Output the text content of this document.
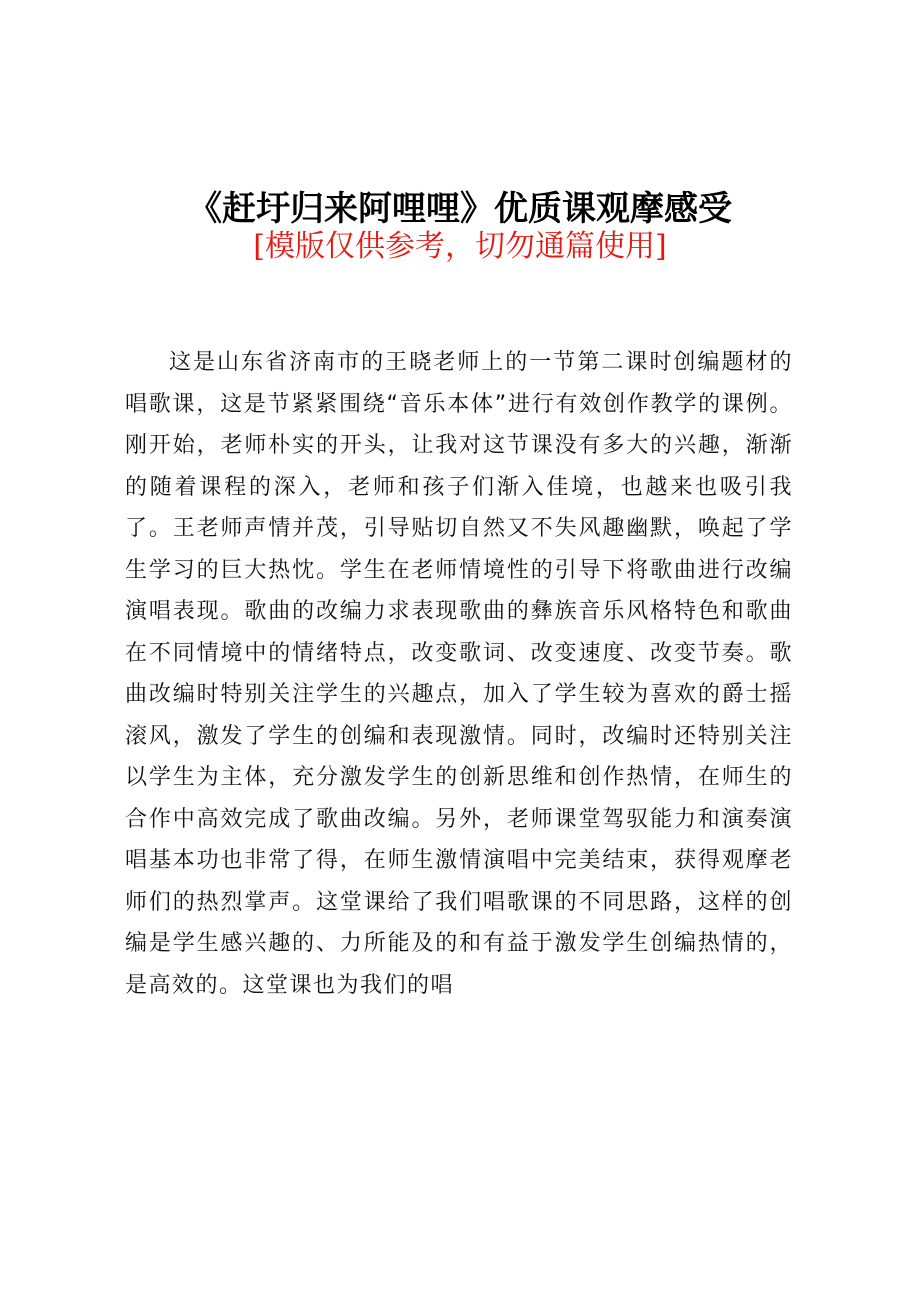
《赶圩归来阿哩哩》优质课观摩感受
[模版仅供参考，切勿通篇使用]

这是山东省济南市的王晓老师上的一节第二课时创编题材的唱歌课，这是节紧紧围绕“音乐本体”进行有效创作教学的课例。刚开始，老师朴实的开头，让我对这节课没有多大的兴趣，渐渐的随着课程的深入，老师和孩子们渐入佳境，也越来也吸引我了。王老师声情并茂，引导贴切自然又不失风趣幽默，唤起了学生学习的巨大热忱。学生在老师情境性的引导下将歌曲进行改编演唱表现。歌曲的改编力求表现歌曲的彝族音乐风格特色和歌曲在不同情境中的情绪特点，改变歌词、改变速度、改变节奏。歌曲改编时特别关注学生的兴趣点，加入了学生较为喜欢的爵士摇滚风，激发了学生的创编和表现激情。同时，改编时还特别关注以学生为主体，充分激发学生的创新思维和创作热情，在师生的合作中高效完成了歌曲改编。另外，老师课堂驾驭能力和演奏演唱基本功也非常了得，在师生激情演唱中完美结束，获得观摩老师们的热烈掌声。这堂课给了我们唱歌课的不同思路，这样的创编是学生感兴趣的、力所能及的和有益于激发学生创编热情的，是高效的。这堂课也为我们的唱
